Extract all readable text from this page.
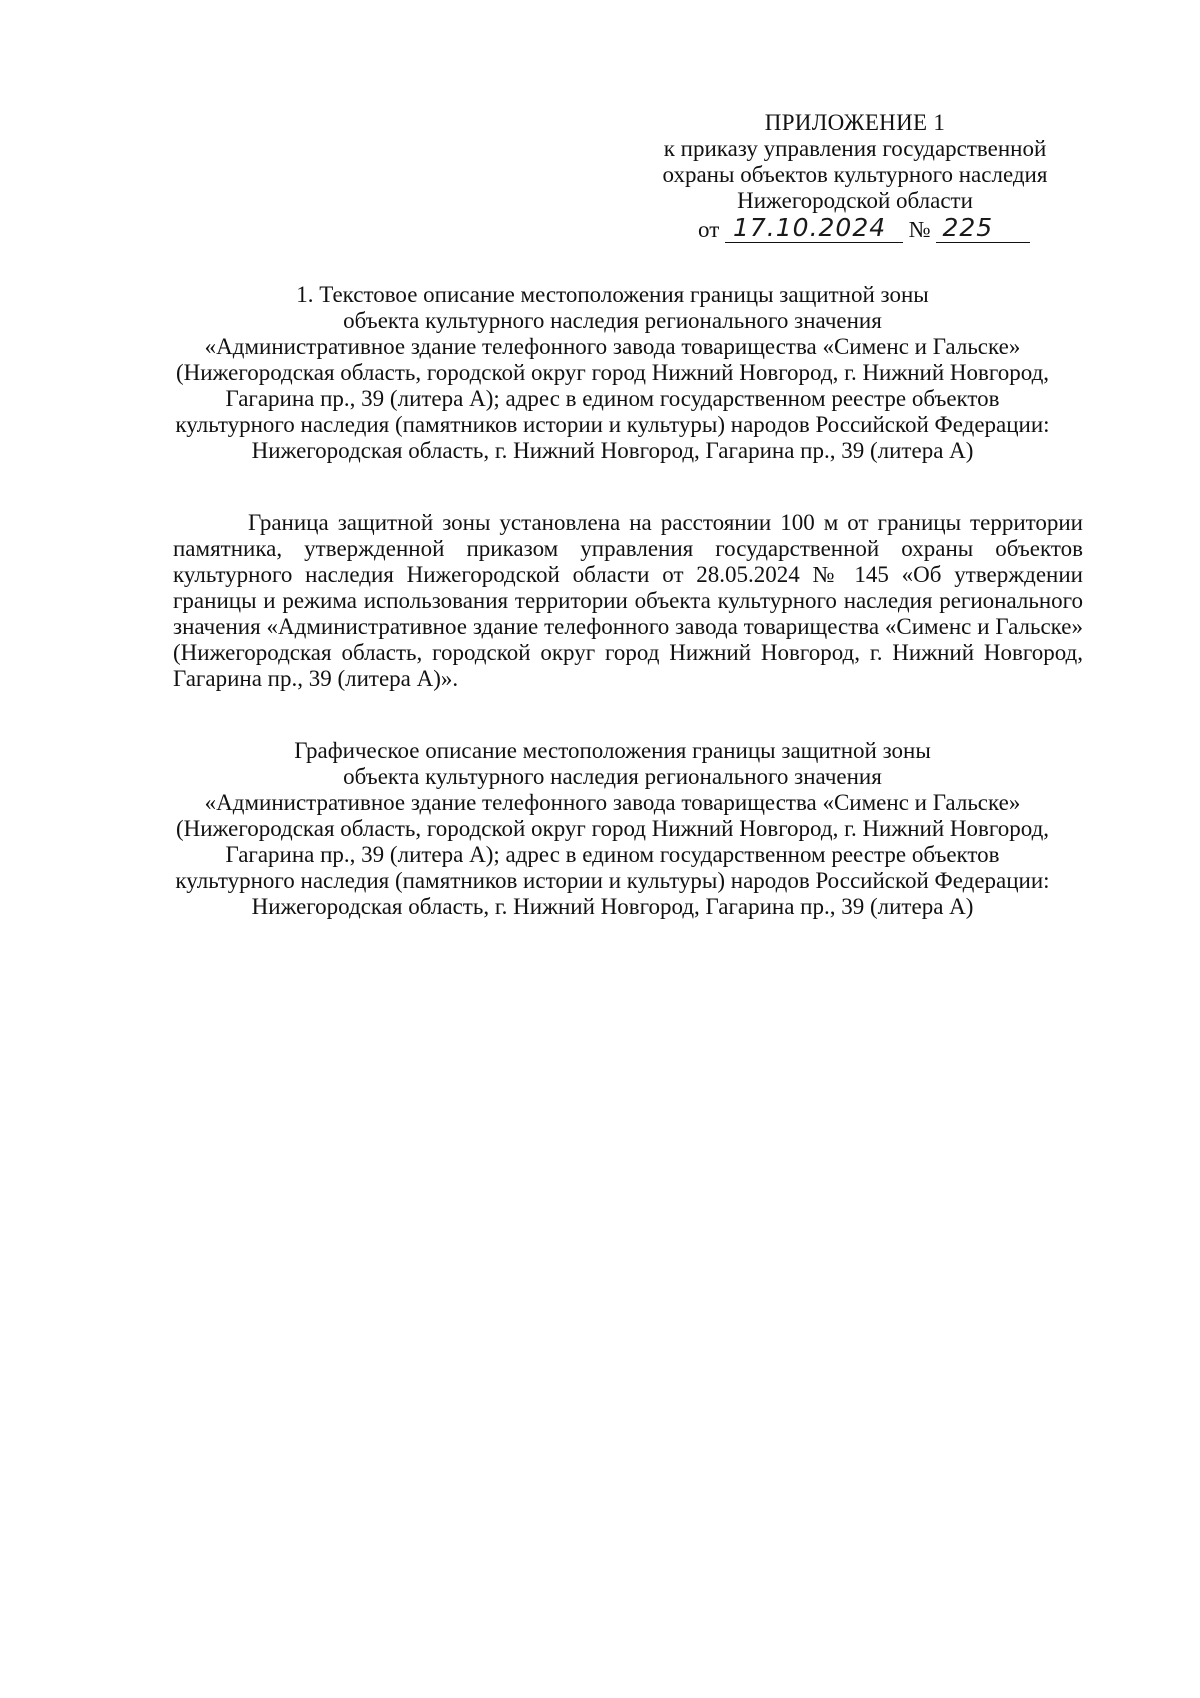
ПРИЛОЖЕНИЕ 1
к приказу управления государственной
охраны объектов культурного наследия
Нижегородской области
от 17.10.2024 № 225
1. Текстовое описание местоположения границы защитной зоны
объекта культурного наследия регионального значения
«Административное здание телефонного завода товарищества «Сименс и Гальске»
(Нижегородская область, городской округ город Нижний Новгород, г. Нижний Новгород,
Гагарина пр., 39 (литера А); адрес в едином государственном реестре объектов
культурного наследия (памятников истории и культуры) народов Российской Федерации:
Нижегородская область, г. Нижний Новгород, Гагарина пр., 39 (литера А)
Граница защитной зоны установлена на расстоянии 100 м от границы территории памятника, утвержденной приказом управления государственной охраны объектов культурного наследия Нижегородской области от 28.05.2024 № 145 «Об утверждении границы и режима использования территории объекта культурного наследия регионального значения «Административное здание телефонного завода товарищества «Сименс и Гальске» (Нижегородская область, городской округ город Нижний Новгород, г. Нижний Новгород, Гагарина пр., 39 (литера А)».
Графическое описание местоположения границы защитной зоны
объекта культурного наследия регионального значения
«Административное здание телефонного завода товарищества «Сименс и Гальске»
(Нижегородская область, городской округ город Нижний Новгород, г. Нижний Новгород,
Гагарина пр., 39 (литера А); адрес в едином государственном реестре объектов
культурного наследия (памятников истории и культуры) народов Российской Федерации:
Нижегородская область, г. Нижний Новгород, Гагарина пр., 39 (литера А)
